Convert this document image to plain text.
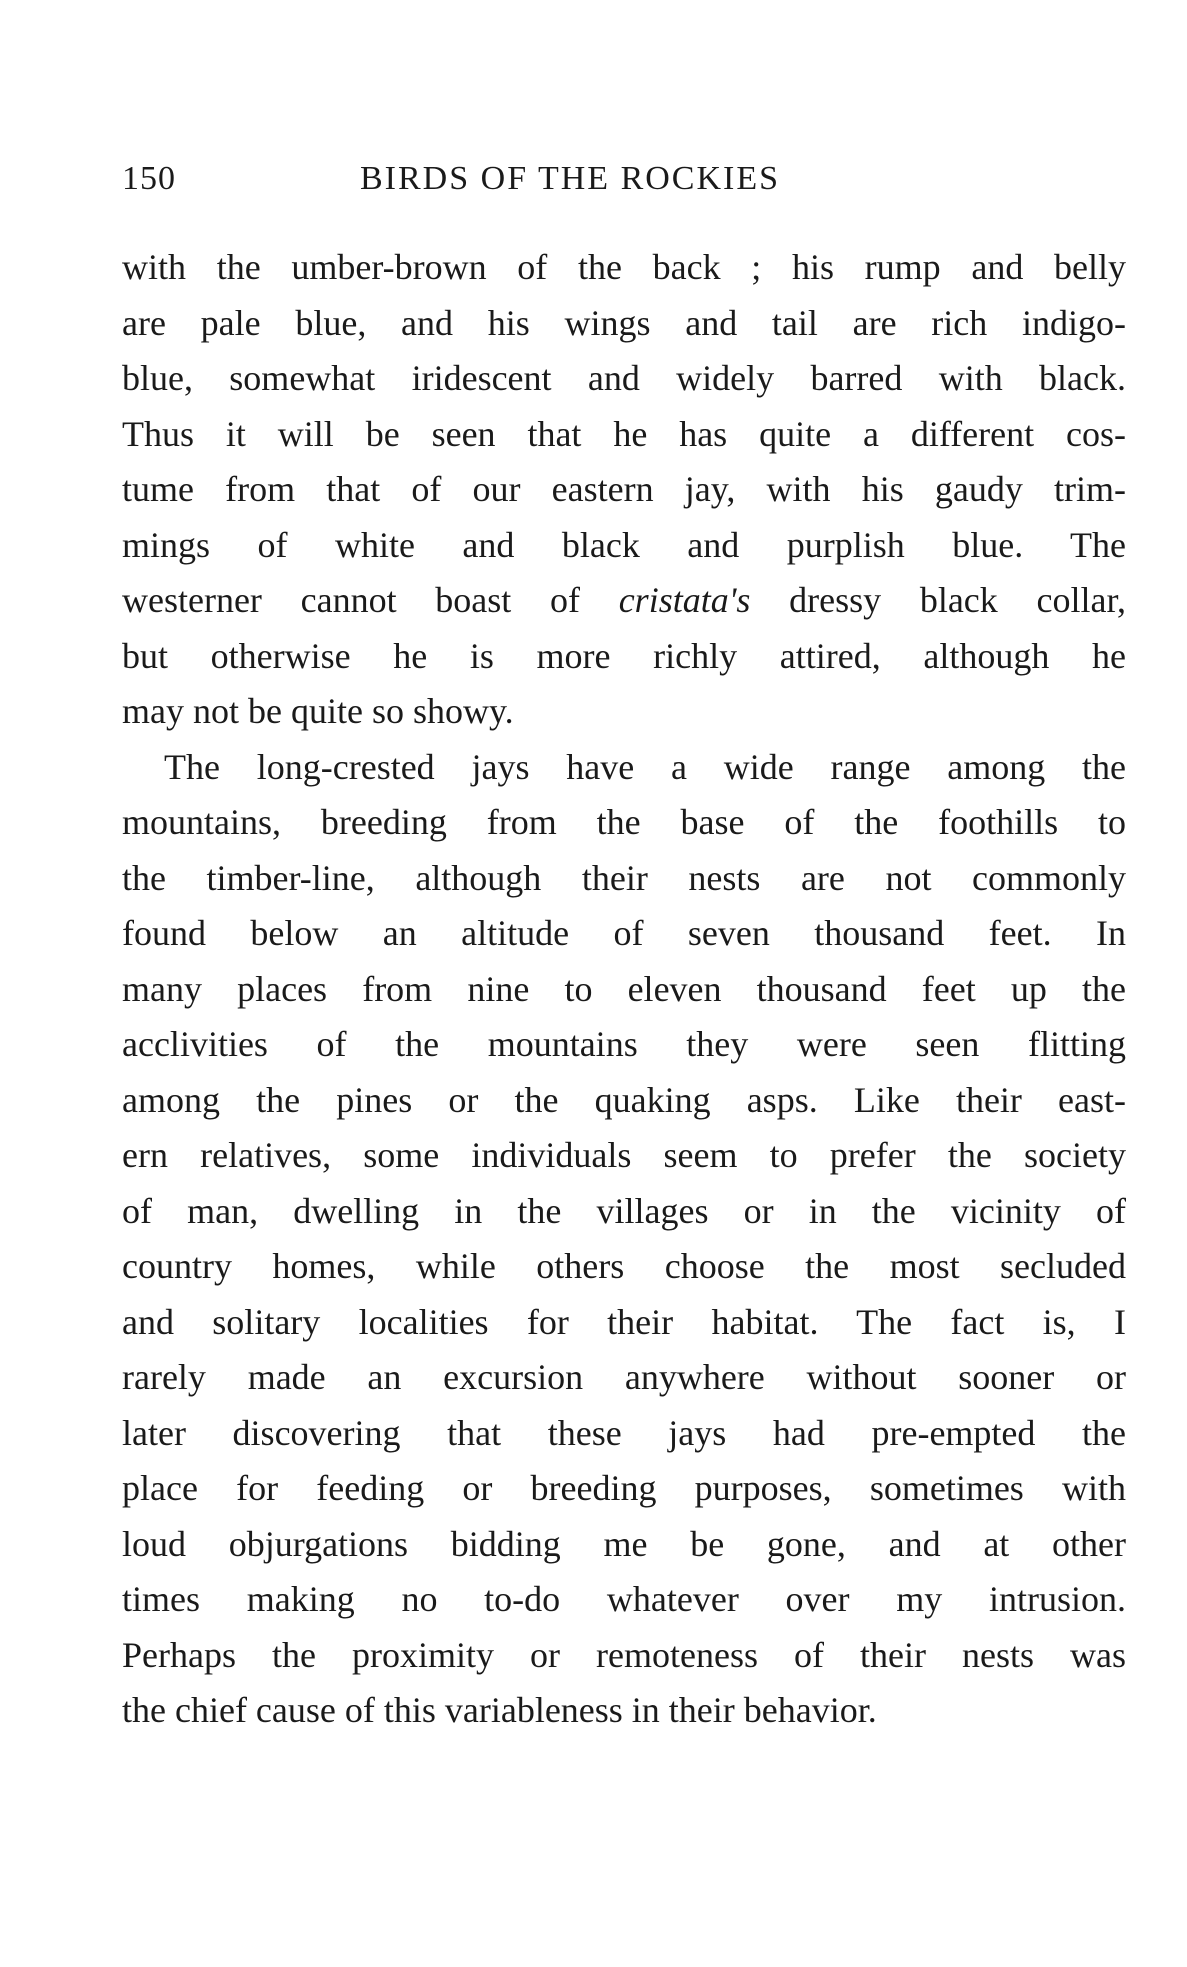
150	BIRDS OF THE ROCKIES
with the umber-brown of the back ; his rump and belly
are pale blue, and his wings and tail are rich indigo-
blue, somewhat iridescent and widely barred with black.
Thus it will be seen that he has quite a different cos-
tume from that of our eastern jay, with his gaudy trim-
mings of white and black and purplish blue. The
westerner cannot boast of cristata's dressy black collar,
but otherwise he is more richly attired, although he
may not be quite so showy.
The long-crested jays have a wide range among the
mountains, breeding from the base of the foothills to
the timber-line, although their nests are not commonly
found below an altitude of seven thousand feet. In
many places from nine to eleven thousand feet up the
acclivities of the mountains they were seen flitting
among the pines or the quaking asps. Like their east-
ern relatives, some individuals seem to prefer the society
of man, dwelling in the villages or in the vicinity of
country homes, while others choose the most secluded
and solitary localities for their habitat. The fact is, I
rarely made an excursion anywhere without sooner or
later discovering that these jays had pre-empted the
place for feeding or breeding purposes, sometimes with
loud objurgations bidding me be gone, and at other
times making no to-do whatever over my intrusion.
Perhaps the proximity or remoteness of their nests was
the chief cause of this variableness in their behavior.
